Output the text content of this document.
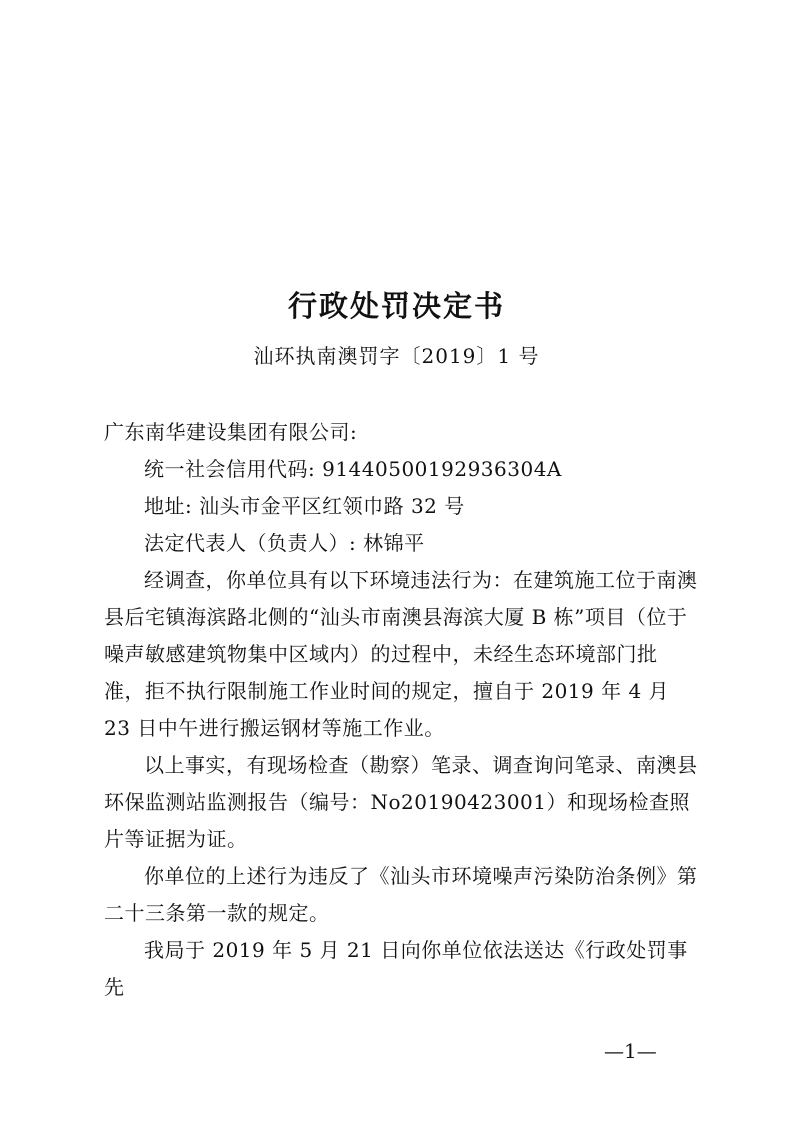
行政处罚决定书
汕环执南澳罚字〔2019〕1 号

广东南华建设集团有限公司:

统一社会信用代码: 91440500192936304A

地址: 汕头市金平区红领巾路 32 号

法定代表人（负责人）: 林锦平

经调查，你单位具有以下环境违法行为：在建筑施工位于南澳县后宅镇海滨路北侧的“汕头市南澳县海滨大厦 B 栋”项目（位于噪声敏感建筑物集中区域内）的过程中，未经生态环境部门批准，拒不执行限制施工作业时间的规定，擅自于 2019 年 4 月 23 日中午进行搬运钢材等施工作业。

以上事实，有现场检查（勘察）笔录、调查询问笔录、南澳县环保监测站监测报告（编号：No20190423001）和现场检查照片等证据为证。

你单位的上述行为违反了《汕头市环境噪声污染防治条例》第二十三条第一款的规定。

我局于 2019 年 5 月 21 日向你单位依法送达《行政处罚事先

—1—
